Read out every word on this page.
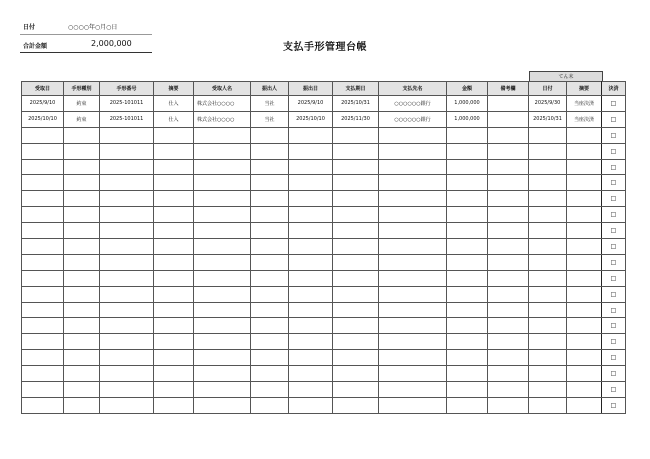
日付	○○○○年○月○日
合計金額	2,000,000	支払手形管理台帳
てん末
受取日	手形種別	手形番号	摘要	受取人名	振出人	振出日	支払期日	支払先名	金額	備考欄	日付	摘要	決済
2025/9/10	約束	2025-101011	仕入	株式会社○○○○	当社	2025/9/10	2025/10/31	○○○○○○銀行	1,000,000		2025/9/30	当座決済	□
2025/10/10	約束	2025-101011	仕入	株式会社○○○○	当社	2025/10/10	2025/11/30	○○○○○○銀行	1,000,000		2025/10/31	当座決済	□
													□
													□
													□
													□
													□
													□
													□
													□
													□
													□
													□
													□
													□
													□
													□
													□
													□
													□
